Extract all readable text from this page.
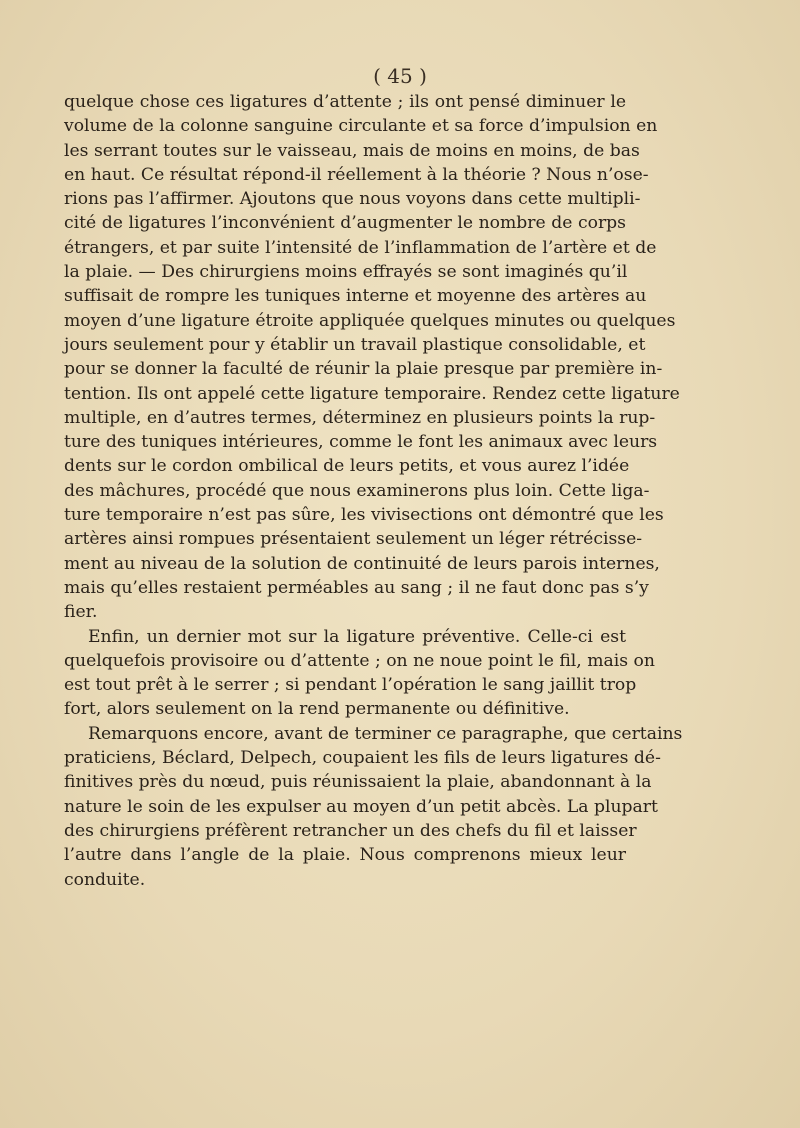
( 45 )
quelque chose ces ligatures d’attente ; ils ont pensé diminuer le
volume de la colonne sanguine circulante et sa force d’impulsion en
les serrant toutes sur le vaisseau, mais de moins en moins, de bas
en haut. Ce résultat répond-il réellement à la théorie ? Nous n’ose-
rions pas l’affirmer. Ajoutons que nous voyons dans cette multipli-
cité de ligatures l’inconvénient d’augmenter le nombre de corps
étrangers, et par suite l’intensité de l’inflammation de l’artère et de
la plaie. — Des chirurgiens moins effrayés se sont imaginés qu’il
suffisait de rompre les tuniques interne et moyenne des artères au
moyen d’une ligature étroite appliquée quelques minutes ou quelques
jours seulement pour y établir un travail plastique consolidable, et
pour se donner la faculté de réunir la plaie presque par première in-
tention. Ils ont appelé cette ligature temporaire. Rendez cette ligature
multiple, en d’autres termes, déterminez en plusieurs points la rup-
ture des tuniques intérieures, comme le font les animaux avec leurs
dents sur le cordon ombilical de leurs petits, et vous aurez l’idée
des mâchures, procédé que nous examinerons plus loin. Cette liga-
ture temporaire n’est pas sûre, les vivisections ont démontré que les
artères ainsi rompues présentaient seulement un léger rétrécisse-
ment au niveau de la solution de continuité de leurs parois internes,
mais qu’elles restaient perméables au sang ; il ne faut donc pas s’y
fier.
Enfin, un dernier mot sur la ligature préventive. Celle-ci est
quelquefois provisoire ou d’attente ; on ne noue point le fil, mais on
est tout prêt à le serrer ; si pendant l’opération le sang jaillit trop
fort, alors seulement on la rend permanente ou définitive.
Remarquons encore, avant de terminer ce paragraphe, que certains
praticiens, Béclard, Delpech, coupaient les fils de leurs ligatures dé-
finitives près du nœud, puis réunissaient la plaie, abandonnant à la
nature le soin de les expulser au moyen d’un petit abcès. La plupart
des chirurgiens préfèrent retrancher un des chefs du fil et laisser
l’autre dans l’angle de la plaie. Nous comprenons mieux leur
conduite.
